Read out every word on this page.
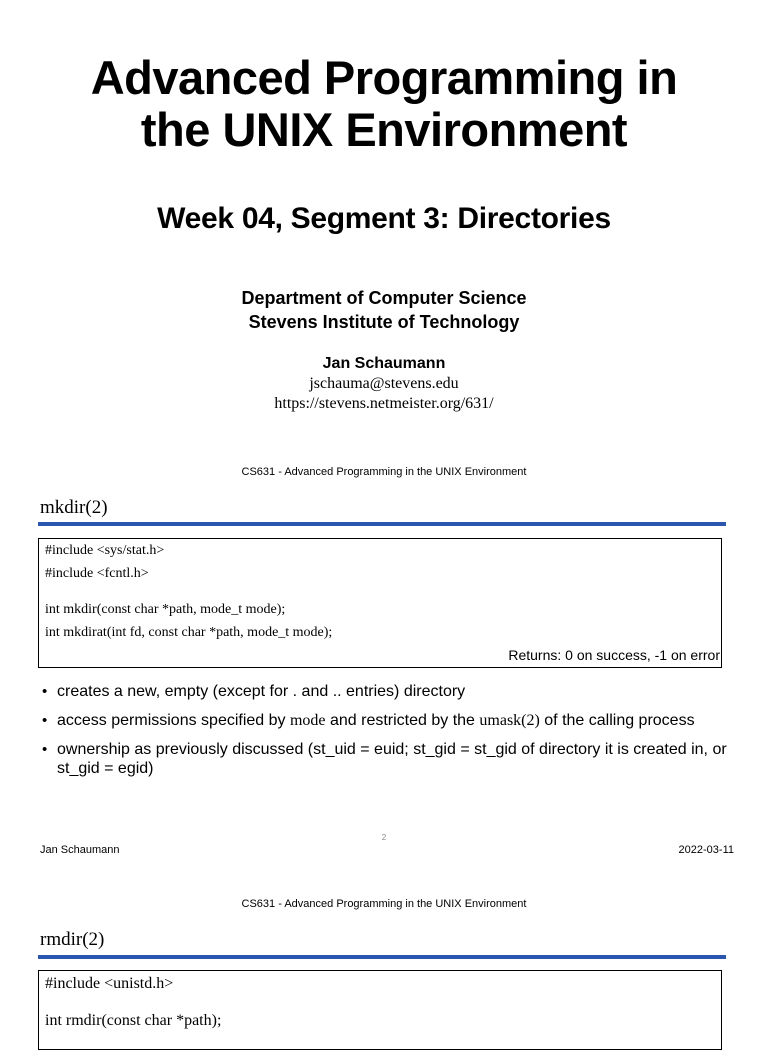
Advanced Programming in
the UNIX Environment
Week 04, Segment 3: Directories
Department of Computer Science
Stevens Institute of Technology
Jan Schaumann
jschauma@stevens.edu
https://stevens.netmeister.org/631/
CS631 - Advanced Programming in the UNIX Environment
mkdir(2)
#include <sys/stat.h>
#include <fcntl.h>
int mkdir(const char *path, mode_t mode);
int mkdirat(int fd, const char *path, mode_t mode);
Returns: 0 on success, -1 on error
• creates a new, empty (except for . and .. entries) directory
• access permissions specified by mode and restricted by the umask(2) of the calling process
• ownership as previously discussed (st_uid = euid; st_gid = st_gid of directory it is created in, or st_gid = egid)
Jan Schaumann
2
2022-03-11
CS631 - Advanced Programming in the UNIX Environment
rmdir(2)
#include <unistd.h>
int rmdir(const char *path);
